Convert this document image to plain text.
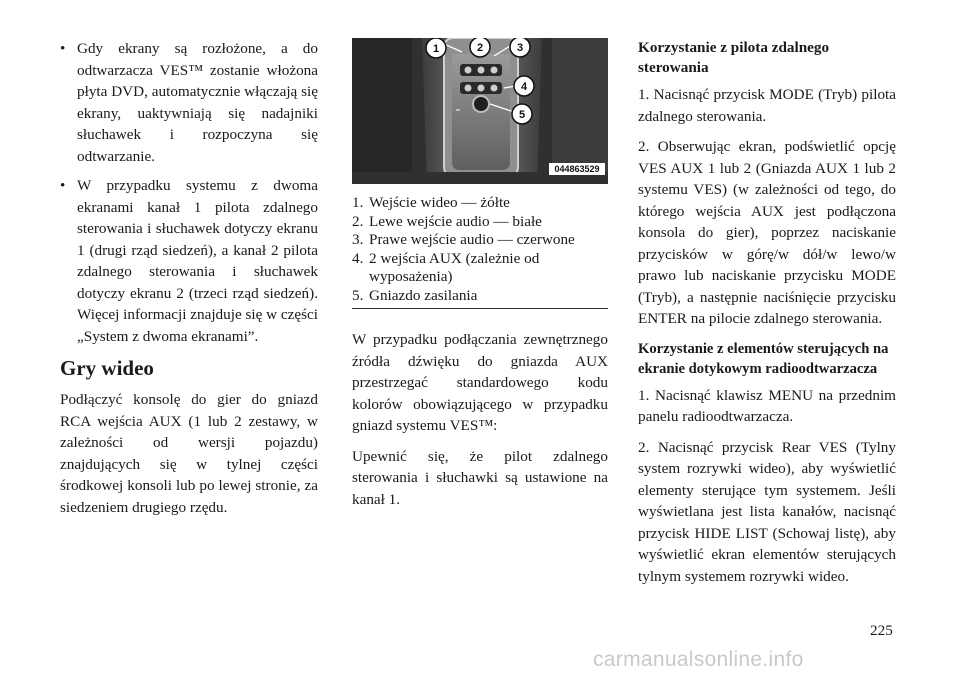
• Gdy ekrany są rozłożone, a do odtwarzacza VES™ zostanie włożona płyta DVD, automatycznie włączają się ekrany, uaktywniają się nadajniki słuchawek i rozpoczyna się odtwarzanie.
• W przypadku systemu z dwoma ekranami kanał 1 pilota zdalnego sterowania i słuchawek dotyczy ekranu 1 (drugi rząd siedzeń), a kanał 2 pilota zdalnego sterowania i słuchawek dotyczy ekranu 2 (trzeci rząd siedzeń). Więcej informacji znajduje się w części „System z dwoma ekranami”.
Gry wideo

Podłączyć konsolę do gier do gniazd RCA wejścia AUX (1 lub 2 zestawy, w zależności od wersji pojazdu) znajdujących się w tylnej części środkowej konsoli lub po lewej stronie, za siedzeniem drugiego rzędu.

044863529
1	2	3
4
5
1. Wejście wideo — żółte
2. Lewe wejście audio — białe
3. Prawe wejście audio — czerwone
4. 2 wejścia AUX (zależnie od wyposażenia)
5. Gniazdo zasilania

W przypadku podłączania zewnętrznego źródła dźwięku do gniazda AUX przestrzegać standardowego kodu kolorów obowiązującego w przypadku gniazd systemu VES™:

Upewnić się, że pilot zdalnego sterowania i słuchawki są ustawione na kanał 1.

Korzystanie z pilota zdalnego sterowania

1. Nacisnąć przycisk MODE (Tryb) pilota zdalnego sterowania.

2. Obserwując ekran, podświetlić opcję VES AUX 1 lub 2 (Gniazda AUX 1 lub 2 systemu VES) (w zależności od tego, do którego wejścia AUX jest podłączona konsola do gier), poprzez naciskanie przycisków w górę/w dół/w lewo/w prawo lub naciskanie przycisku MODE (Tryb), a następnie naciśnięcie przycisku ENTER na pilocie zdalnego sterowania.

Korzystanie z elementów sterujących na ekranie dotykowym radioodtwarzacza

1. Nacisnąć klawisz MENU na przednim panelu radioodtwarzacza.

2. Nacisnąć przycisk Rear VES (Tylny system rozrywki wideo), aby wyświetlić elementy sterujące tym systemem. Jeśli wyświetlana jest lista kanałów, nacisnąć przycisk HIDE LIST (Schowaj listę), aby wyświetlić ekran elementów sterujących tylnym systemem rozrywki wideo.

225
carmanualsonline.info
